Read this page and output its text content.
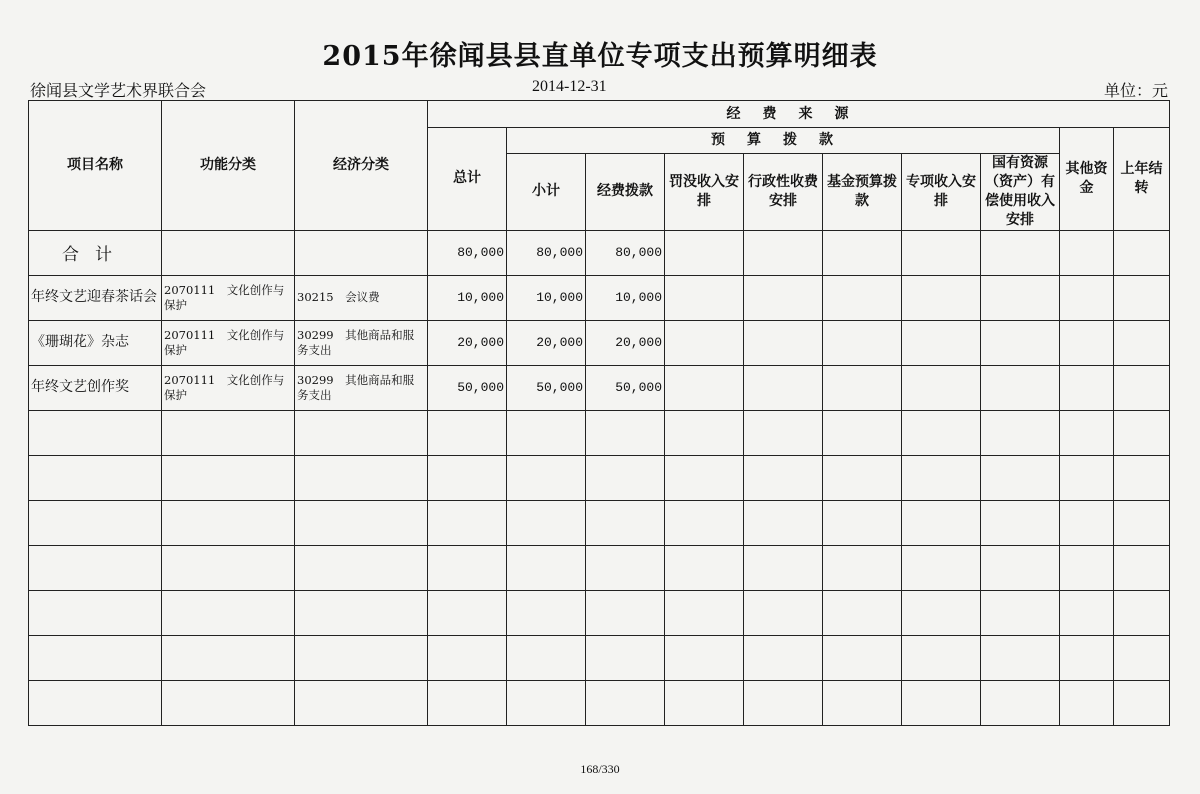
2015年徐闻县县直单位专项支出预算明细表
徐闻县文学艺术界联合会	2014-12-31	单位：元
项目名称	功能分类	经济分类	经费来源									
			总计	预算拨款							其他资金	上年结转
				小计	经费拨款	罚没收入安排	行政性收费安排	基金预算拨款	专项收入安排	国有资源（资产）有偿使用收入安排		
合计			80,000	80,000	80,000							
年终文艺迎春茶话会	2070111　文化创作与保护	30215　会议费	10,000	10,000	10,000							
《珊瑚花》杂志	2070111　文化创作与保护	30299　其他商品和服务支出	20,000	20,000	20,000							
年终文艺创作奖	2070111　文化创作与保护	30299　其他商品和服务支出	50,000	50,000	50,000							

168/330
